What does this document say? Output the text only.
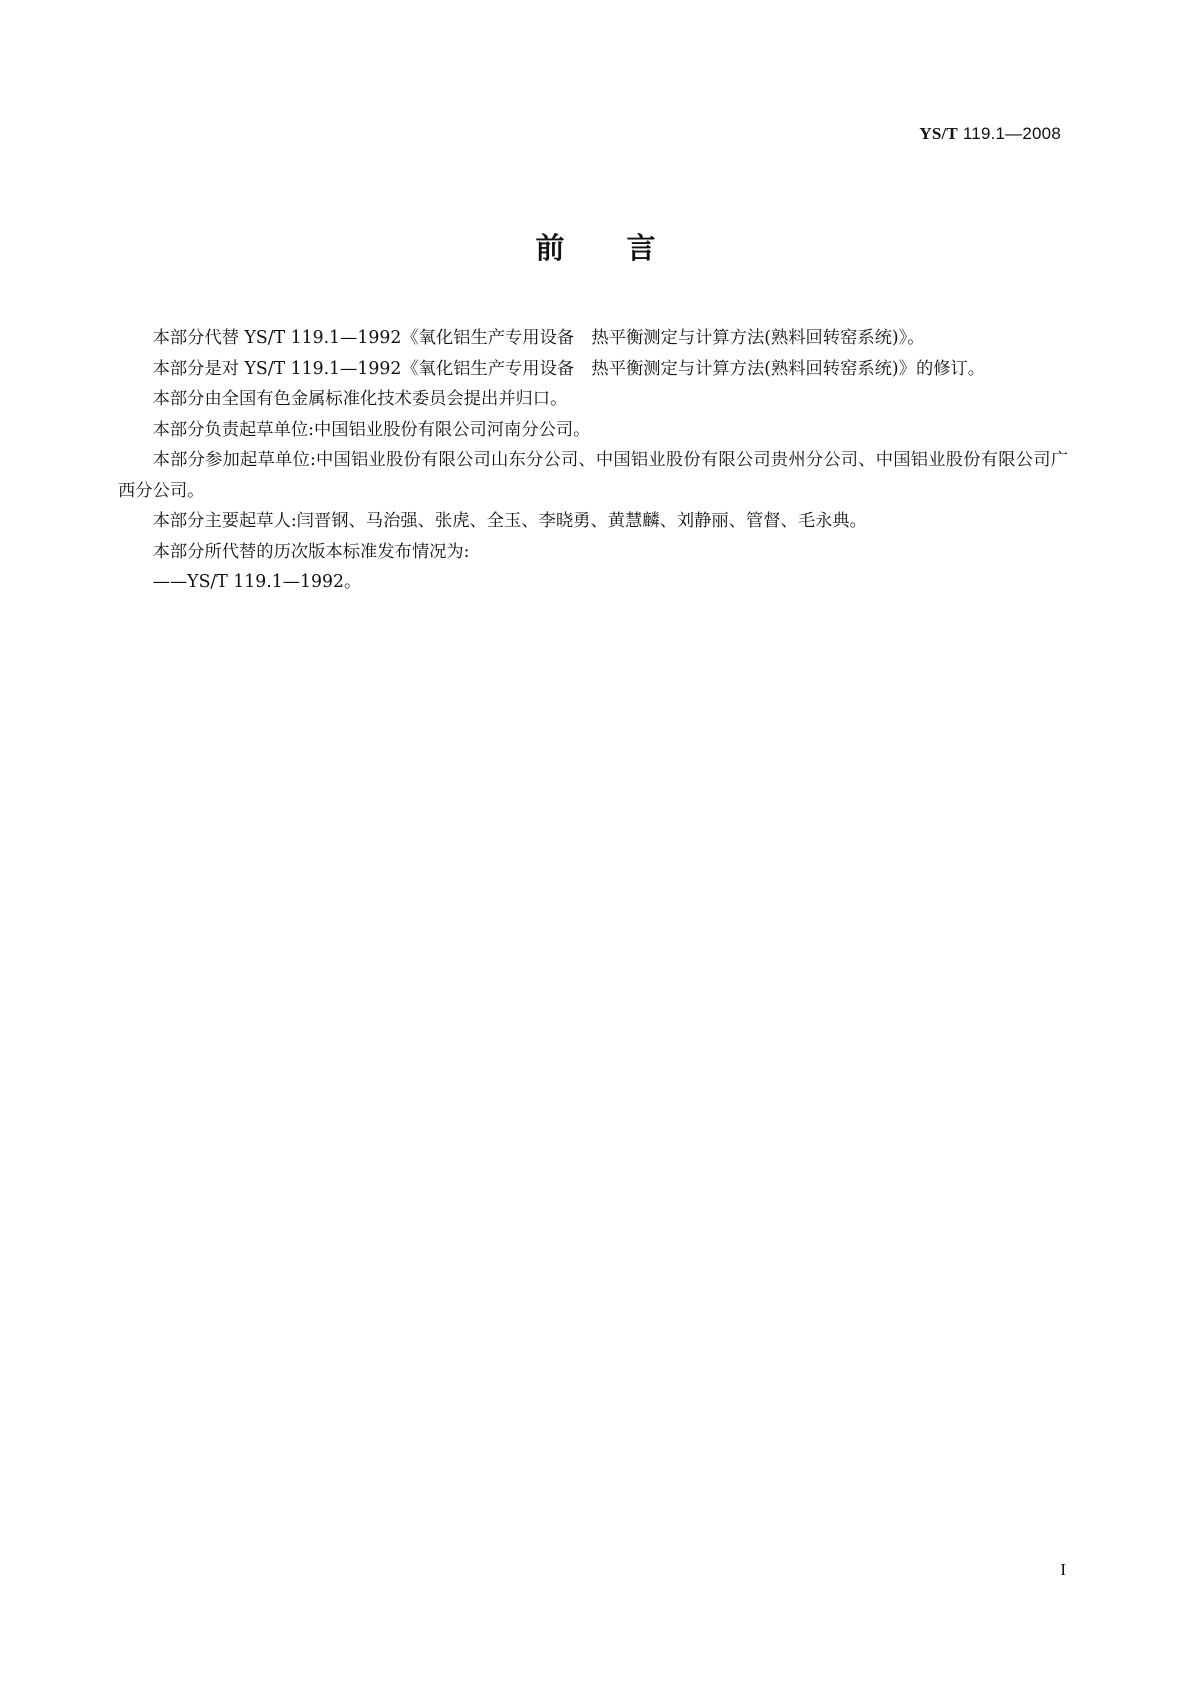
YS/T 119.1—2008
前 言

本部分代替 YS/T 119.1—1992《氧化铝生产专用设备　热平衡测定与计算方法(熟料回转窑系统)》。

本部分是对 YS/T 119.1—1992《氧化铝生产专用设备　热平衡测定与计算方法(熟料回转窑系统)》的修订。

本部分由全国有色金属标准化技术委员会提出并归口。

本部分负责起草单位:中国铝业股份有限公司河南分公司。

本部分参加起草单位:中国铝业股份有限公司山东分公司、中国铝业股份有限公司贵州分公司、中国铝业股份有限公司广西分公司。

本部分主要起草人:闫晋钢、马治强、张虎、全玉、李晓勇、黄慧麟、刘静丽、管督、毛永典。

本部分所代替的历次版本标准发布情况为:

——YS/T 119.1—1992。

I
